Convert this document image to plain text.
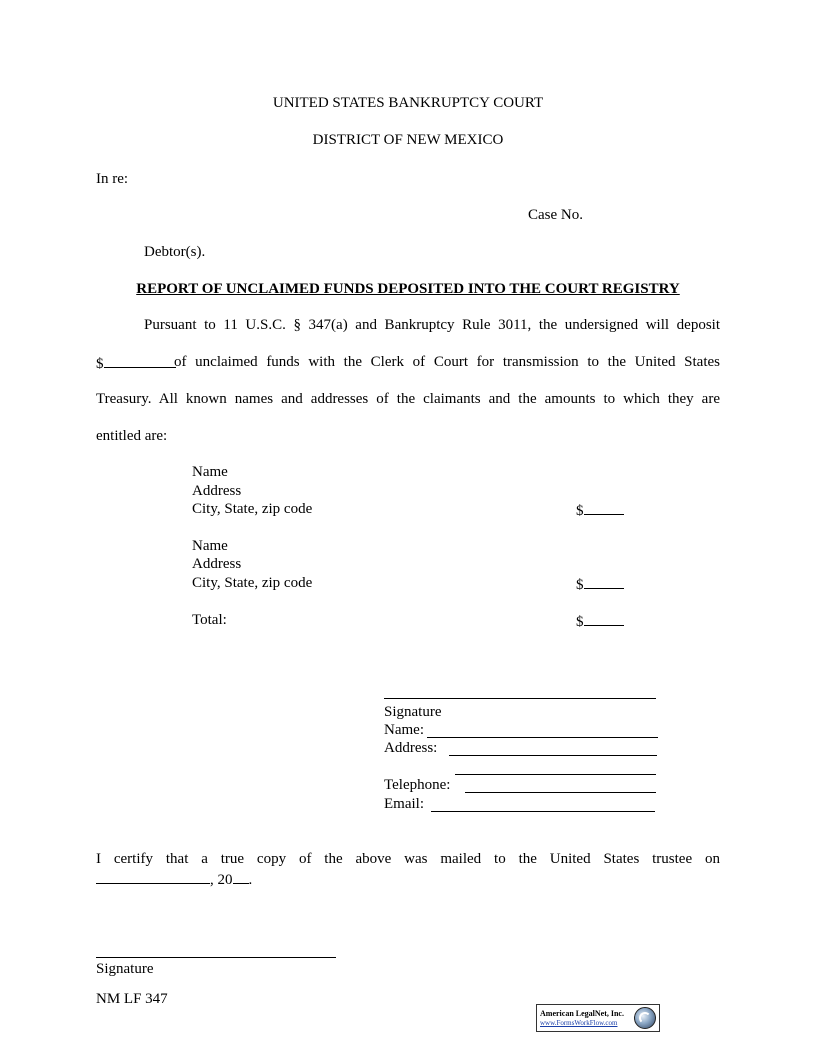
UNITED STATES BANKRUPTCY COURT
DISTRICT OF NEW MEXICO
In re:
Case No.
Debtor(s).
REPORT OF UNCLAIMED FUNDS DEPOSITED INTO THE COURT REGISTRY
Pursuant to 11 U.S.C. § 347(a) and Bankruptcy Rule 3011, the undersigned will deposit
$	of unclaimed funds with the Clerk of Court for transmission to the United States
Treasury. All known names and addresses of the claimants and the amounts to which they are
entitled are:
Name
Address
City, State, zip code	$
Name
Address
City, State, zip code	$
Total:	$
Signature
Name:
Address:
Telephone:
Email:
I certify that a true copy of the above was mailed to the United States trustee on
, 20 .
Signature
NM LF 347
American LegalNet, Inc.
www.FormsWorkFlow.com
